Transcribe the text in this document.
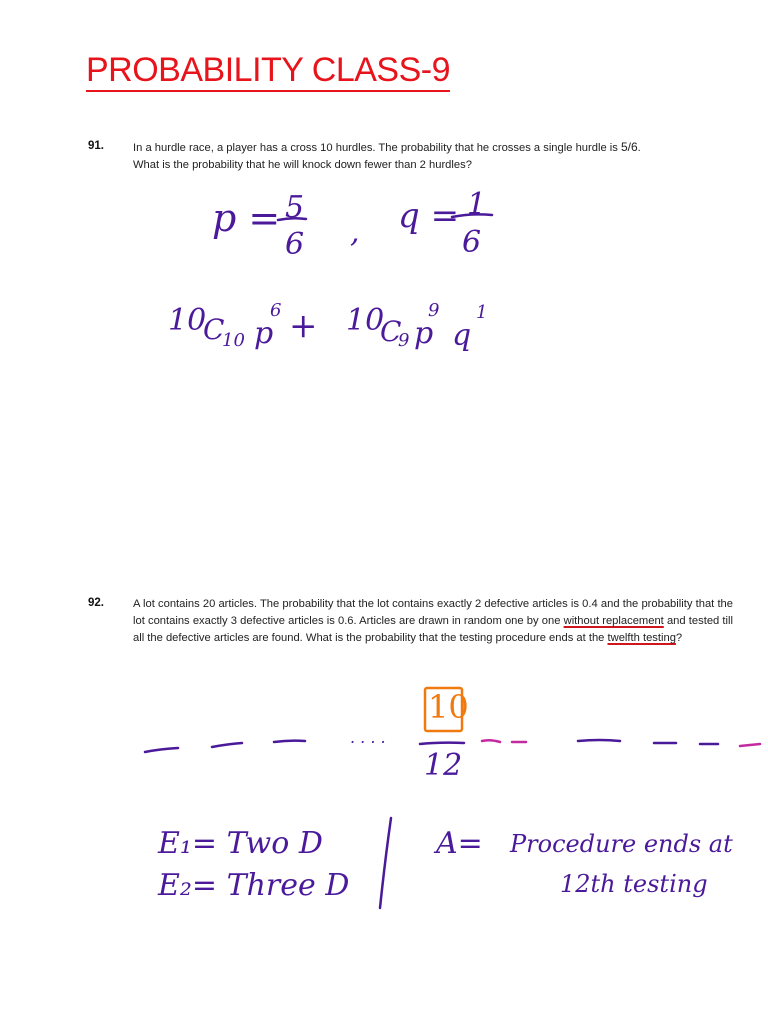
PROBABILITY CLASS-9
91.	In a hurdle race, a player has a cross 10 hurdles. The probability that he crosses a single hurdle is 5/6.
What is the probability that he will knock down fewer than 2 hurdles?
p = 5
6 , q = 1
6
10
C
10 p
6 + 10
C
9 p
9
q
1
92.	A lot contains 20 articles. The probability that the lot contains exactly 2 defective articles is 0.4 and the probability that the lot contains exactly 3 defective articles is 0.6. Articles are drawn in random one by one without replacement and tested till all the defective articles are found. What is the probability that the testing procedure ends at the twelfth testing?
. . . .
10
12
E₁= Two D
E₂= Three D
A= Procedure ends at
12th testing
